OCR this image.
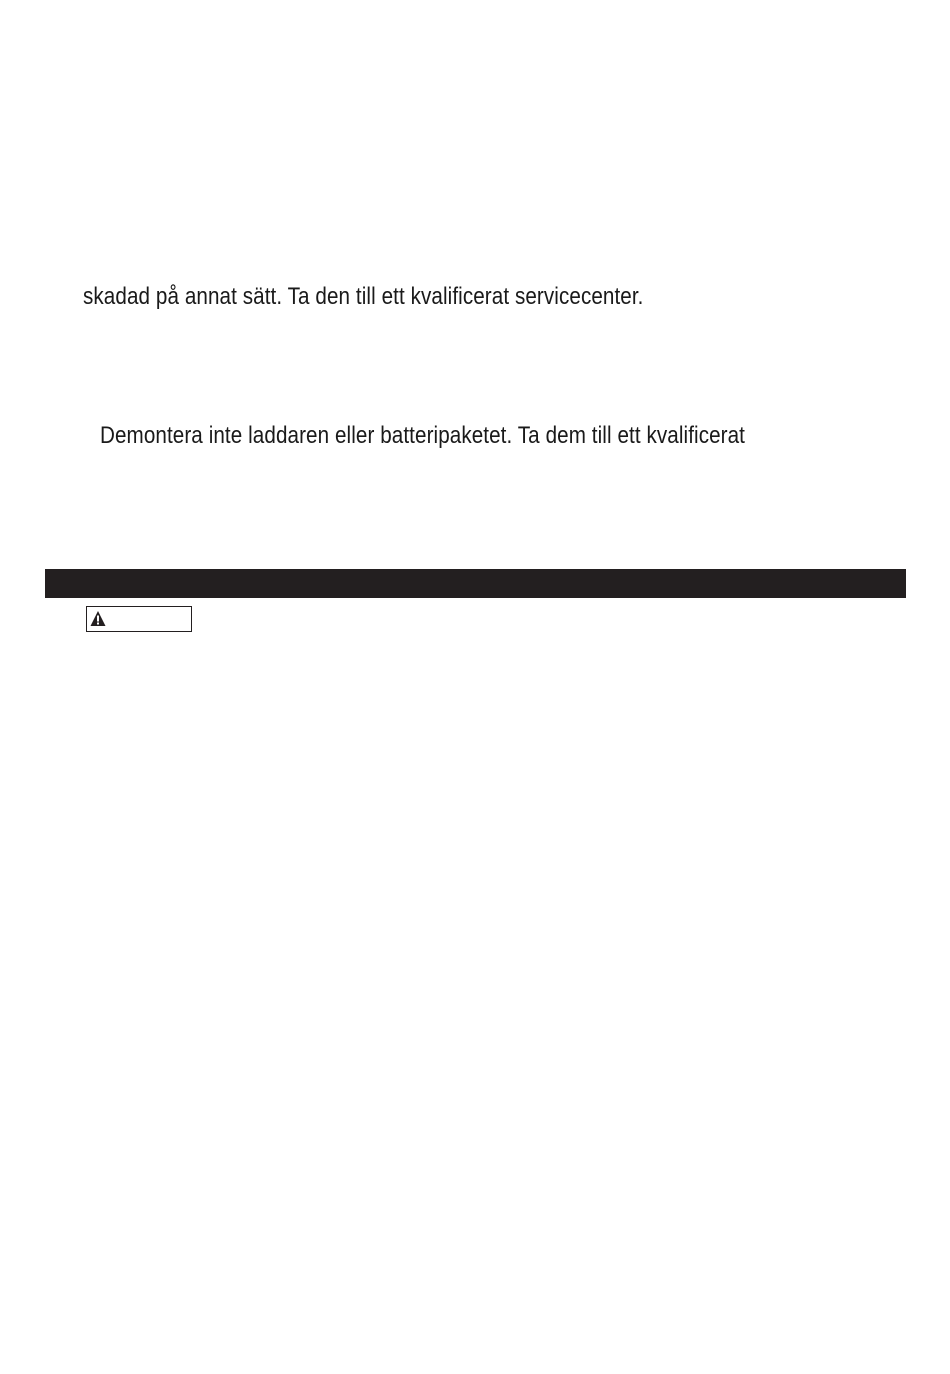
skadad på annat sätt. Ta den till ett kvalificerat servicecenter.
Demontera inte laddaren eller batteripaketet. Ta dem till ett kvalificerat
